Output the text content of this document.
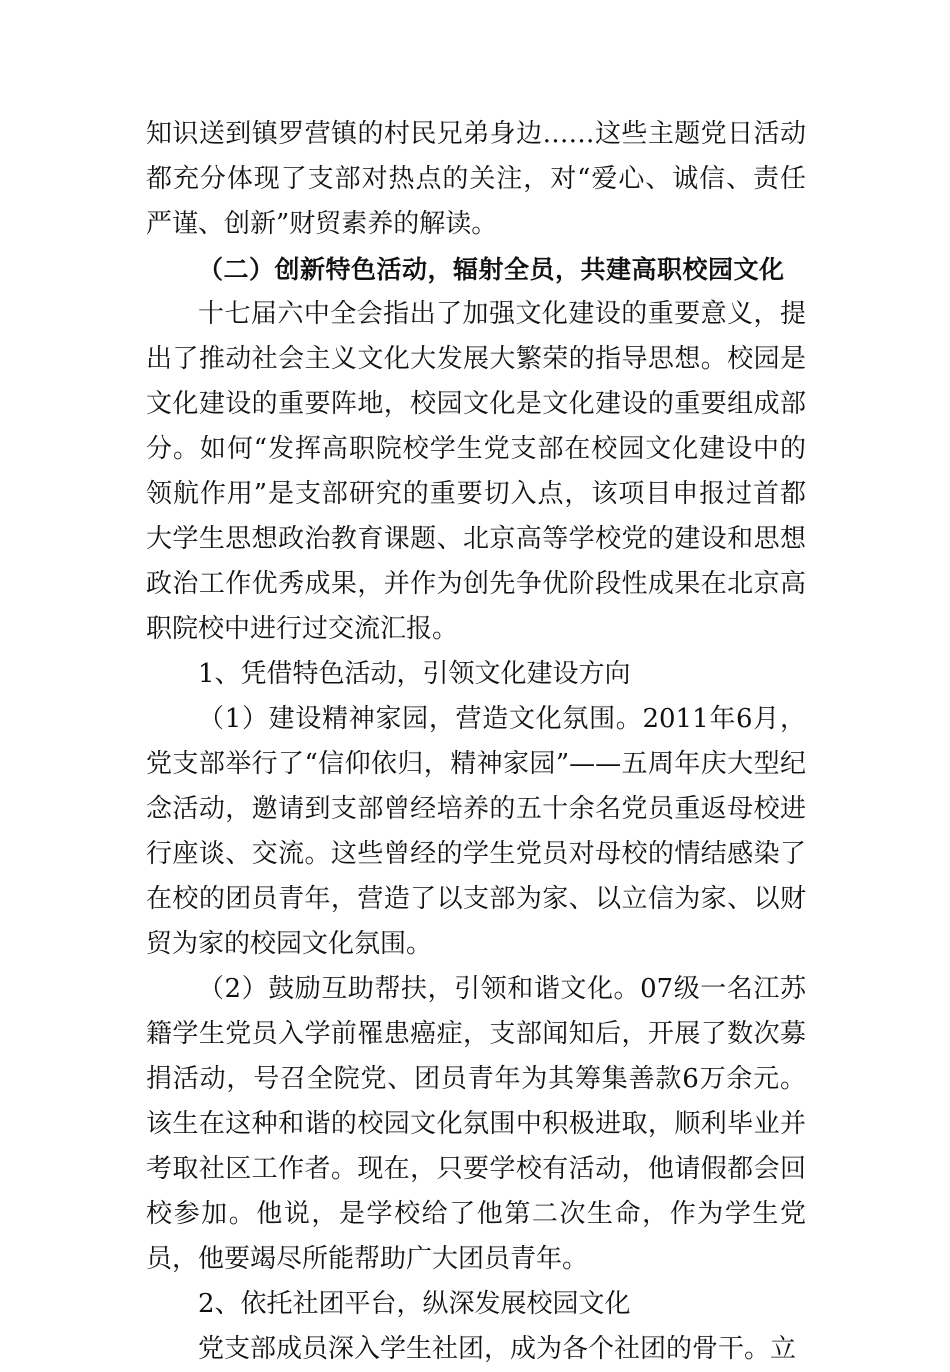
知识送到镇罗营镇的村民兄弟身边……这些主题党日活动都充分体现了支部对热点的关注，对“爱心、诚信、责任严谨、创新”财贸素养的解读。

（二）创新特色活动，辐射全员，共建高职校园文化

十七届六中全会指出了加强文化建设的重要意义，提出了推动社会主义文化大发展大繁荣的指导思想。校园是文化建设的重要阵地，校园文化是文化建设的重要组成部分。如何“发挥高职院校学生党支部在校园文化建设中的领航作用”是支部研究的重要切入点，该项目申报过首都大学生思想政治教育课题、北京高等学校党的建设和思想政治工作优秀成果，并作为创先争优阶段性成果在北京高职院校中进行过交流汇报。

1、凭借特色活动，引领文化建设方向

（1）建设精神家园，营造文化氛围。2011年6月，党支部举行了“信仰依归，精神家园”——五周年庆大型纪念活动，邀请到支部曾经培养的五十余名党员重返母校进行座谈、交流。这些曾经的学生党员对母校的情结感染了在校的团员青年，营造了以支部为家、以立信为家、以财贸为家的校园文化氛围。

（2）鼓励互助帮扶，引领和谐文化。07级一名江苏籍学生党员入学前罹患癌症，支部闻知后，开展了数次募捐活动，号召全院党、团员青年为其筹集善款6万余元。该生在这种和谐的校园文化氛围中积极进取，顺利毕业并考取社区工作者。现在，只要学校有活动，他请假都会回校参加。他说，是学校给了他第二次生命，作为学生党员，他要竭尽所能帮助广大团员青年。

2、依托社团平台，纵深发展校园文化

党支部成员深入学生社团，成为各个社团的骨干。立
